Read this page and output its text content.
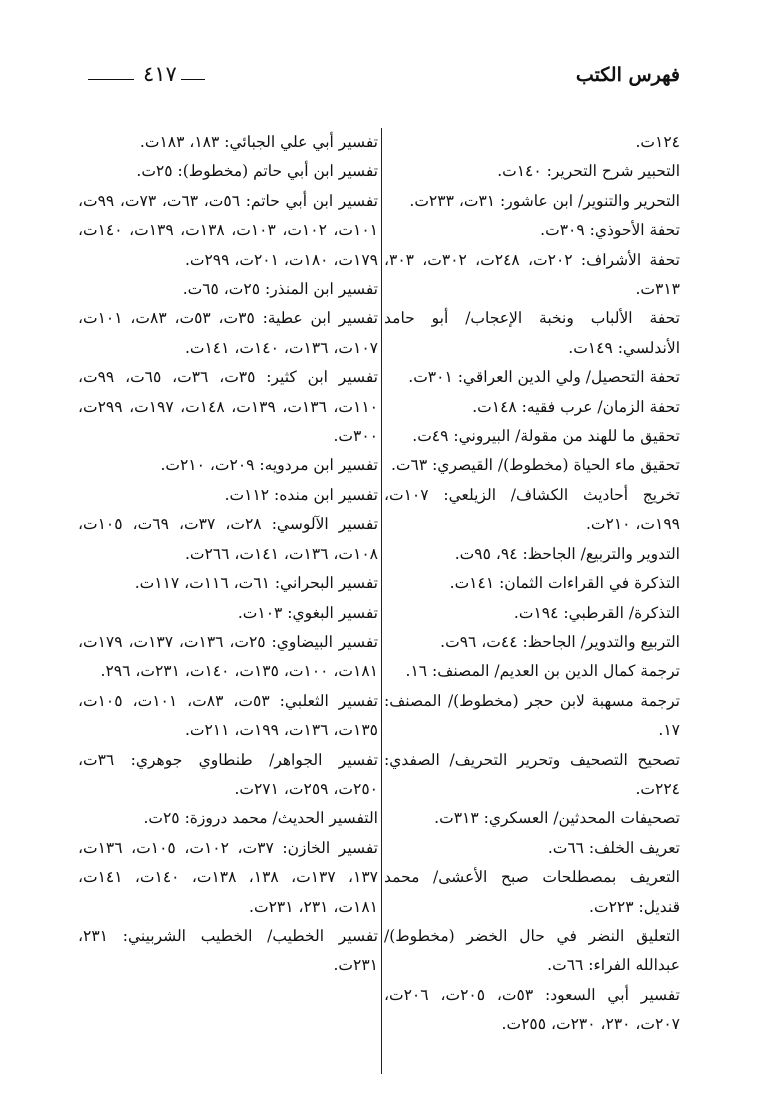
فهرس الكتب
٤١٧

١٢٤ت.

التحبير شرح التحرير: ١٤٠ت.

التحرير والتنوير/ ابن عاشور: ٣١ت، ٢٣٣ت.

تحفة الأحوذي: ٣٠٩ت.

تحفة الأشراف: ٢٠٢ت، ٢٤٨ت، ٣٠٢ت، ٣٠٣، ٣١٣ت.

تحفة الألباب ونخبة الإعجاب/ أبو حامد الأندلسي: ١٤٩ت.

تحفة التحصيل/ ولي الدين العراقي: ٣٠١ت.

تحفة الزمان/ عرب فقيه: ١٤٨ت.

تحقيق ما للهند من مقولة/ البيروني: ٤٩ت.

تحقيق ماء الحياة (مخطوط)/ القيصري: ٦٣ت.

تخريج أحاديث الكشاف/ الزيلعي: ١٠٧ت، ١٩٩ت، ٢١٠ت.

التدوير والتربيع/ الجاحظ: ٩٤، ٩٥ت.

التذكرة في القراءات الثمان: ١٤١ت.

التذكرة/ القرطبي: ١٩٤ت.

التربيع والتدوير/ الجاحظ: ٤٤ت، ٩٦ت.

ترجمة كمال الدين بن العديم/ المصنف: ١٦.

ترجمة مسهبة لابن حجر (مخطوط)/ المصنف: ١٧.

تصحيح التصحيف وتحرير التحريف/ الصفدي: ٢٢٤ت.

تصحيفات المحدثين/ العسكري: ٣١٣ت.

تعريف الخلف: ٦٦ت.

التعريف بمصطلحات صبح الأعشى/ محمد قنديل: ٢٢٣ت.

التعليق النضر في حال الخضر (مخطوط)/ عبدالله الفراء: ٦٦ت.

تفسير أبي السعود: ٥٣ت، ٢٠٥ت، ٢٠٦ت، ٢٠٧ت، ٢٣٠، ٢٣٠ت، ٢٥٥ت.

تفسير أبي علي الجبائي: ١٨٣، ١٨٣ت.

تفسير ابن أبي حاتم (مخطوط): ٢٥ت.

تفسير ابن أبي حاتم: ٥٦ت، ٦٣ت، ٧٣ت، ٩٩ت، ١٠١ت، ١٠٢ت، ١٠٣ت، ١٣٨ت، ١٣٩ت، ١٤٠ت، ١٧٩ت، ١٨٠ت، ٢٠١ت، ٢٩٩ت.

تفسير ابن المنذر: ٢٥ت، ٦٥ت.

تفسير ابن عطية: ٣٥ت، ٥٣ت، ٨٣ت، ١٠١ت، ١٠٧ت، ١٣٦ت، ١٤٠ت، ١٤١ت.

تفسير ابن كثير: ٣٥ت، ٣٦ت، ٦٥ت، ٩٩ت، ١١٠ت، ١٣٦ت، ١٣٩ت، ١٤٨ت، ١٩٧ت، ٢٩٩ت، ٣٠٠ت.

تفسير ابن مردويه: ٢٠٩ت، ٢١٠ت.

تفسير ابن منده: ١١٢ت.

تفسير الآلوسي: ٢٨ت، ٣٧ت، ٦٩ت، ١٠٥ت، ١٠٨ت، ١٣٦ت، ١٤١ت، ٢٦٦ت.

تفسير البحراني: ٦١ت، ١١٦ت، ١١٧ت.

تفسير البغوي: ١٠٣ت.

تفسير البيضاوي: ٢٥ت، ١٣٦ت، ١٣٧ت، ١٧٩ت، ١٨١ت، ١٠٠ت، ١٣٥ت، ١٤٠ت، ٢٣١ت، ٢٩٦.

تفسير الثعلبي: ٥٣ت، ٨٣ت، ١٠١ت، ١٠٥ت، ١٣٥ت، ١٣٦ت، ١٩٩ت، ٢١١ت.

تفسير الجواهر/ طنطاوي جوهري: ٣٦ت، ٢٥٠ت، ٢٥٩ت، ٢٧١ت.

التفسير الحديث/ محمد دروزة: ٢٥ت.

تفسير الخازن: ٣٧ت، ١٠٢ت، ١٠٥ت، ١٣٦ت، ١٣٧، ١٣٧ت، ١٣٨، ١٣٨ت، ١٤٠ت، ١٤١ت، ١٨١ت، ٢٣١، ٢٣١ت.

تفسير الخطيب/ الخطيب الشربيني: ٢٣١، ٢٣١ت.
